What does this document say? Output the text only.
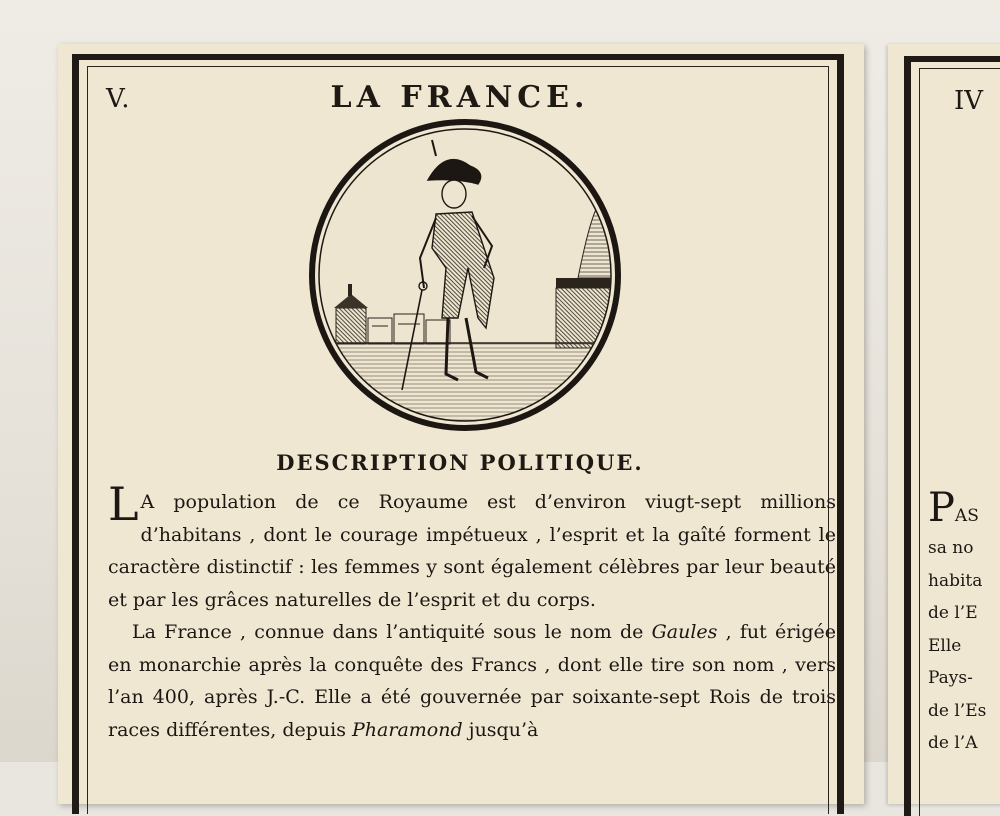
V.	LA FRANCE.
DESCRIPTION POLITIQUE.

L A population de ce Royaume est d’environ viugt-sept millions d’habitans , dont le courage impétueux , l’esprit et la gaîté forment le caractère distinctif : les femmes y sont également célèbres par leur beauté et par les grâces naturelles de l’esprit et du corps.

La France , connue dans l’antiquité sous le nom de Gaules , fut érigée en monarchie après la conquête des Francs , dont elle tire son nom , vers l’an 400, après J.-C. Elle a été gouvernée par soixante-sept Rois de trois races différentes, depuis Pharamond jusqu’à

IV
PAS
sa no
habita
de l’E
Elle
Pays-
de l’Es
de l’A
